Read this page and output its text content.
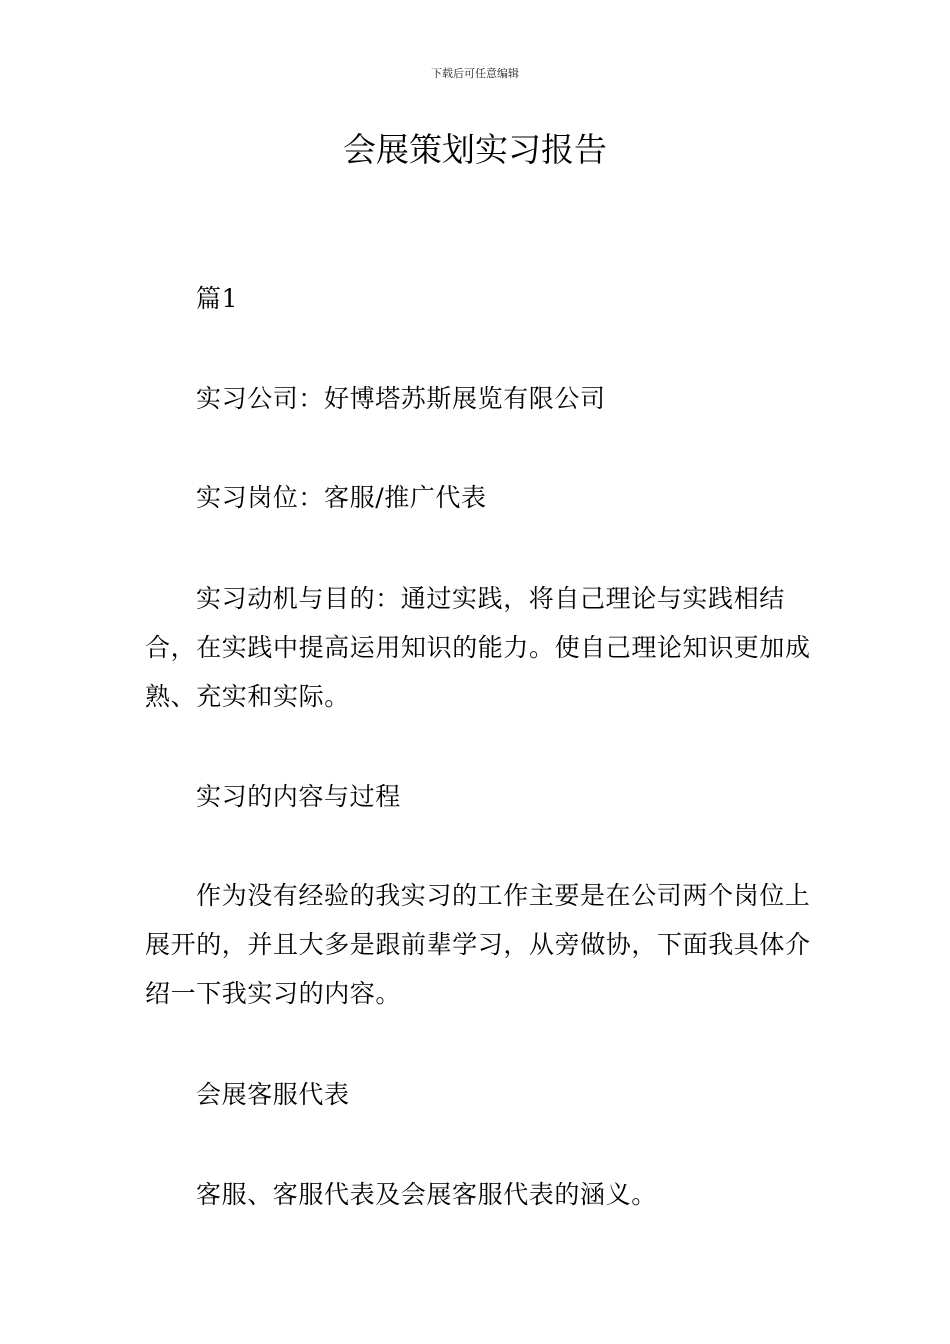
下载后可任意编辑
会展策划实习报告

篇1

实习公司：好博塔苏斯展览有限公司

实习岗位：客服/推广代表

实习动机与目的：通过实践，将自己理论与实践相结合，在实践中提高运用知识的能力。使自己理论知识更加成熟、充实和实际。

实习的内容与过程

作为没有经验的我实习的工作主要是在公司两个岗位上展开的，并且大多是跟前辈学习，从旁做协，下面我具体介绍一下我实习的内容。

会展客服代表

客服、客服代表及会展客服代表的涵义。
